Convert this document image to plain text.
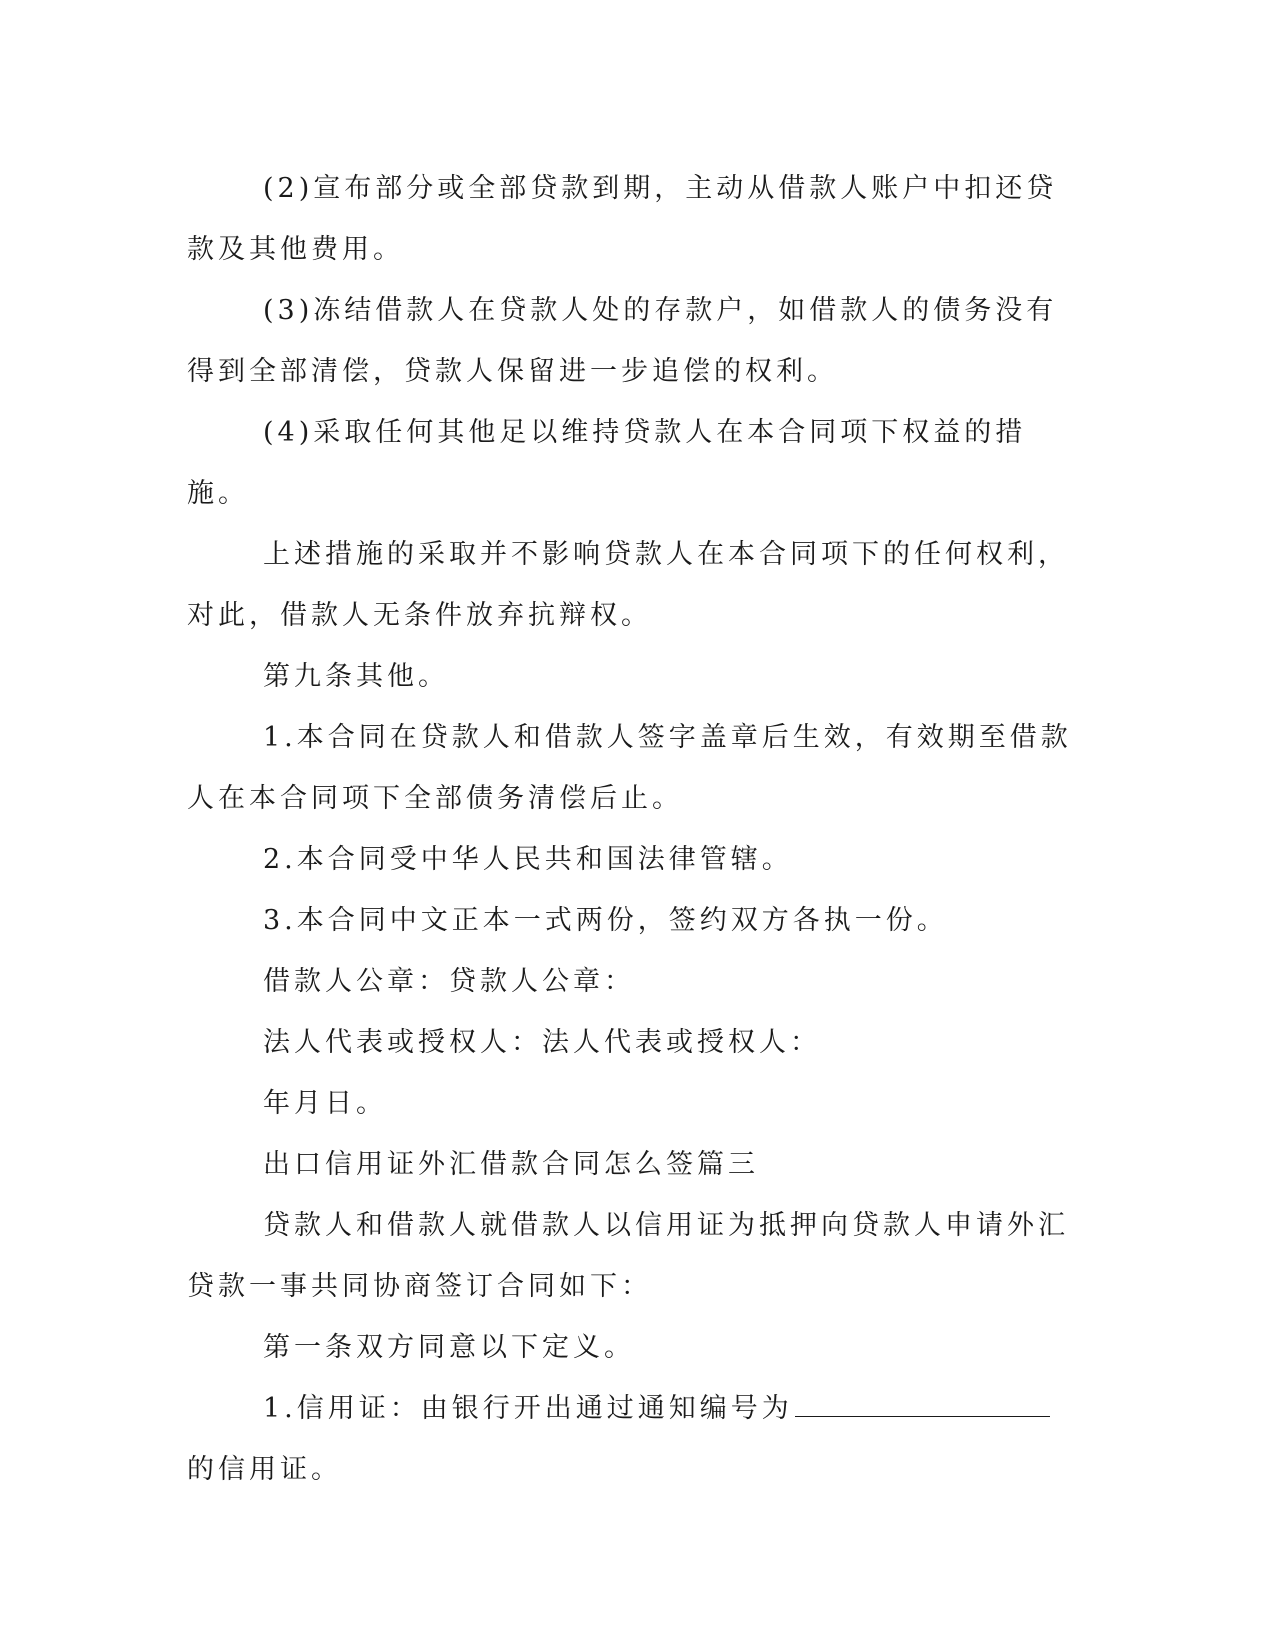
(2)宣布部分或全部贷款到期，主动从借款人账户中扣还贷款及其他费用。

(3)冻结借款人在贷款人处的存款户，如借款人的债务没有得到全部清偿，贷款人保留进一步追偿的权利。

(4)采取任何其他足以维持贷款人在本合同项下权益的措施。

上述措施的采取并不影响贷款人在本合同项下的任何权利，对此，借款人无条件放弃抗辩权。

第九条其他。

1.本合同在贷款人和借款人签字盖章后生效，有效期至借款人在本合同项下全部债务清偿后止。

2.本合同受中华人民共和国法律管辖。

3.本合同中文正本一式两份，签约双方各执一份。

借款人公章：贷款人公章：

法人代表或授权人：法人代表或授权人：

年月日。

出口信用证外汇借款合同怎么签篇三

贷款人和借款人就借款人以信用证为抵押向贷款人申请外汇贷款一事共同协商签订合同如下：

第一条双方同意以下定义。

1.信用证：由银行开出通过通知编号为的信用证。
